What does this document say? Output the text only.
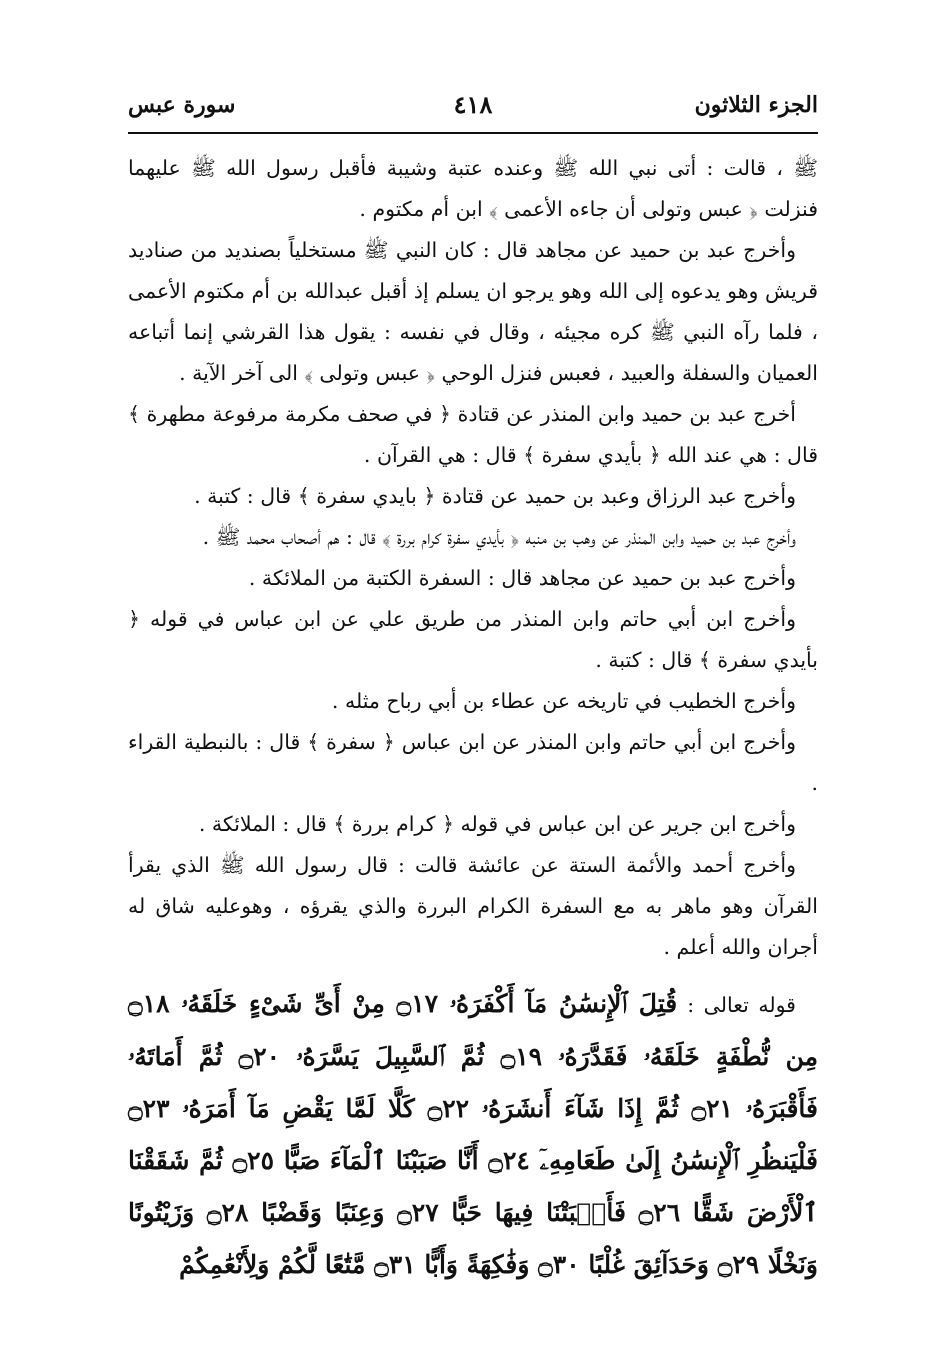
الجزء الثلاثون
٤١٨
سورة عبس

ﷺ ، قالت : أتى نبي الله ﷺ وعنده عتبة وشيبة فأقبل رسول الله ﷺ عليهما فنزلت ﴿ عبس وتولى أن جاءه الأعمى ﴾ ابن أم مكتوم .

وأخرج عبد بن حميد عن مجاهد قال : كان النبي ﷺ مستخلياً بصنديد من صناديد قريش وهو يدعوه إلى الله وهو يرجو ان يسلم إذ أقبل عبدالله بن أم مكتوم الأعمى ، فلما رآه النبي ﷺ كره مجيئه ، وقال في نفسه : يقول هذا القرشي إنما أتباعه العميان والسفلة والعبيد ، فعبس فنزل الوحي ﴿ عبس وتولى ﴾ الى آخر الآية .

أخرج عبد بن حميد وابن المنذر عن قتادة ﴿ في صحف مكرمة مرفوعة مطهرة ﴾ قال : هي عند الله ﴿ بأيدي سفرة ﴾ قال : هي القرآن .

وأخرج عبد الرزاق وعبد بن حميد عن قتادة ﴿ بايدي سفرة ﴾ قال : كتبة .

وأخرج عبد بن حميد وابن المنذر عن وهب بن منبه ﴿ بأيدي سفرة كرام بررة ﴾ قال : هم أصحاب محمد ﷺ .

وأخرج عبد بن حميد عن مجاهد قال : السفرة الكتبة من الملائكة .

وأخرج ابن أبي حاتم وابن المنذر من طريق علي عن ابن عباس في قوله ﴿ بأيدي سفرة ﴾ قال : كتبة .

وأخرج الخطيب في تاريخه عن عطاء بن أبي رباح مثله .

وأخرج ابن أبي حاتم وابن المنذر عن ابن عباس ﴿ سفرة ﴾ قال : بالنبطية القراء .

وأخرج ابن جرير عن ابن عباس في قوله ﴿ كرام بررة ﴾ قال : الملائكة .

وأخرج أحمد والأئمة الستة عن عائشة قالت : قال رسول الله ﷺ الذي يقرأ القرآن وهو ماهر به مع السفرة الكرام البررة والذي يقرؤه ، وهوعليه شاق له أجران والله أعلم .

قوله تعالى :قُتِلَ ٱلْإِنسَٰنُ مَآ أَكْفَرَهُۥ ۝١٧ مِنْ أَىِّ شَىْءٍ خَلَقَهُۥ ۝١٨ مِن نُّطْفَةٍ خَلَقَهُۥ فَقَدَّرَهُۥ ۝١٩ ثُمَّ ٱلسَّبِيلَ يَسَّرَهُۥ ۝٢٠ ثُمَّ أَمَاتَهُۥ فَأَقْبَرَهُۥ ۝٢١ ثُمَّ إِذَا شَآءَ أَنشَرَهُۥ ۝٢٢ كَلَّا لَمَّا يَقْضِ مَآ أَمَرَهُۥ ۝٢٣ فَلْيَنظُرِ ٱلْإِنسَٰنُ إِلَىٰ طَعَامِهِۦٓ ۝٢٤ أَنَّا صَبَبْنَا ٱلْمَآءَ صَبًّا ۝٢٥ ثُمَّ شَقَقْنَا ٱلْأَرْضَ شَقًّا ۝٢٦ فَأَنۢبَتْنَا فِيهَا حَبًّا ۝٢٧ وَعِنَبًا وَقَضْبًا ۝٢٨ وَزَيْتُونًا وَنَخْلًا ۝٢٩ وَحَدَآئِقَ غُلْبًا ۝٣٠ وَفَٰكِهَةً وَأَبًّا ۝٣١ مَّتَٰعًا لَّكُمْ وَلِأَنْعَٰمِكُمْ
